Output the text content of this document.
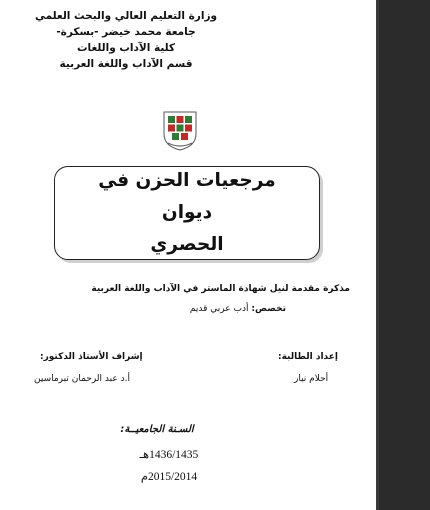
وزارة التعليم العالي والبحث العلمي
جامعة محمد خيضر -بسكرة-
كلية الآداب واللغات
قسم الآداب واللغة العربية
مرجعيات الحزن في ديوان
الحصري
مذكرة مقدمة لنيل شهادة الماستر في الآداب واللغة العربية
تخصص: أدب عربي قديم
إعداد الطالبة:
إشراف الأستاذ الدكتور:
أحلام نيار
أ.د عبد الرحمان تبرماسين
السـنة الجامعيــة:
1436/1435هـ
2015/2014م
